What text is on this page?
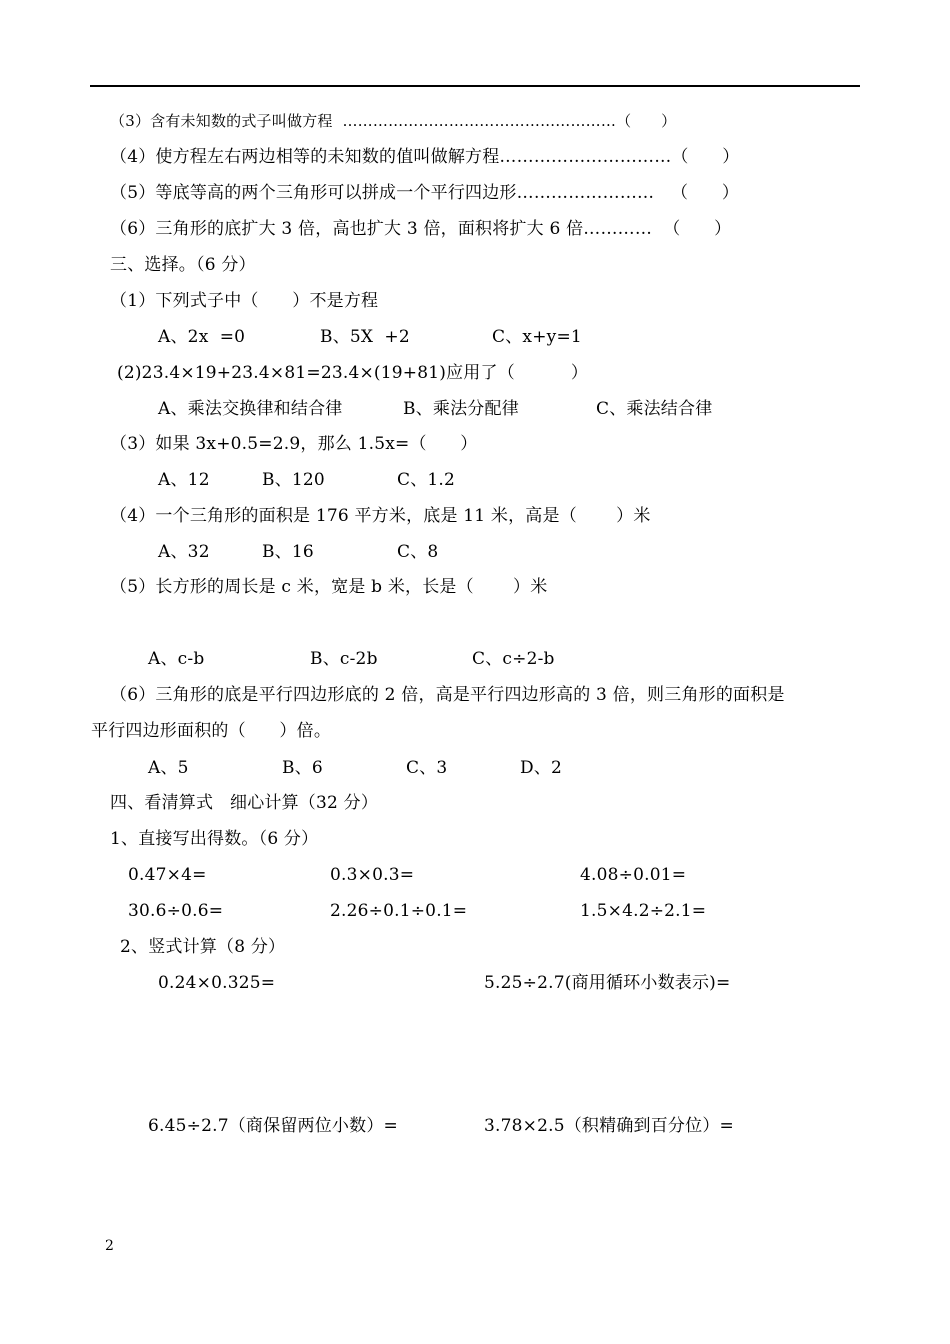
（3）含有未知数的式子叫做方程  ………………………………………………（      ）
（4）使方程左右两边相等的未知数的值叫做解方程…………………………（      ）
（5）等底等高的两个三角形可以拼成一个平行四边形……………………   （      ）
（6）三角形的底扩大 3 倍，高也扩大 3 倍，面积将扩大 6 倍…………  （      ）
三、选择。（6 分）
（1）下列式子中（      ）不是方程
A、2x  =0	B、5X  +2	C、x+y=1
(2)23.4×19+23.4×81=23.4×(19+81)应用了（          ）
A、乘法交换律和结合律	B、乘法分配律	C、乘法结合律
（3）如果 3x+0.5=2.9，那么 1.5x=（      ）
A、12	B、120	C、1.2
（4）一个三角形的面积是 176 平方米，底是 11 米，高是（       ）米
A、32	B、16	C、8
（5）长方形的周长是 c 米，宽是 b 米，长是（       ）米
A、c-b	B、c-2b	C、c÷2-b
（6）三角形的底是平行四边形底的 2 倍，高是平行四边形高的 3 倍，则三角形的面积是
平行四边形面积的（      ）倍。
A、5	B、6	C、3	D、2
四、看清算式   细心计算（32 分）
1、直接写出得数。（6 分）
0.47×4=	0.3×0.3=	4.08÷0.01=
30.6÷0.6=	2.26÷0.1÷0.1=	1.5×4.2÷2.1=
2、竖式计算（8 分）
0.24×0.325=	5.25÷2.7(商用循环小数表示)=
6.45÷2.7（商保留两位小数）=	3.78×2.5（积精确到百分位）=
2
